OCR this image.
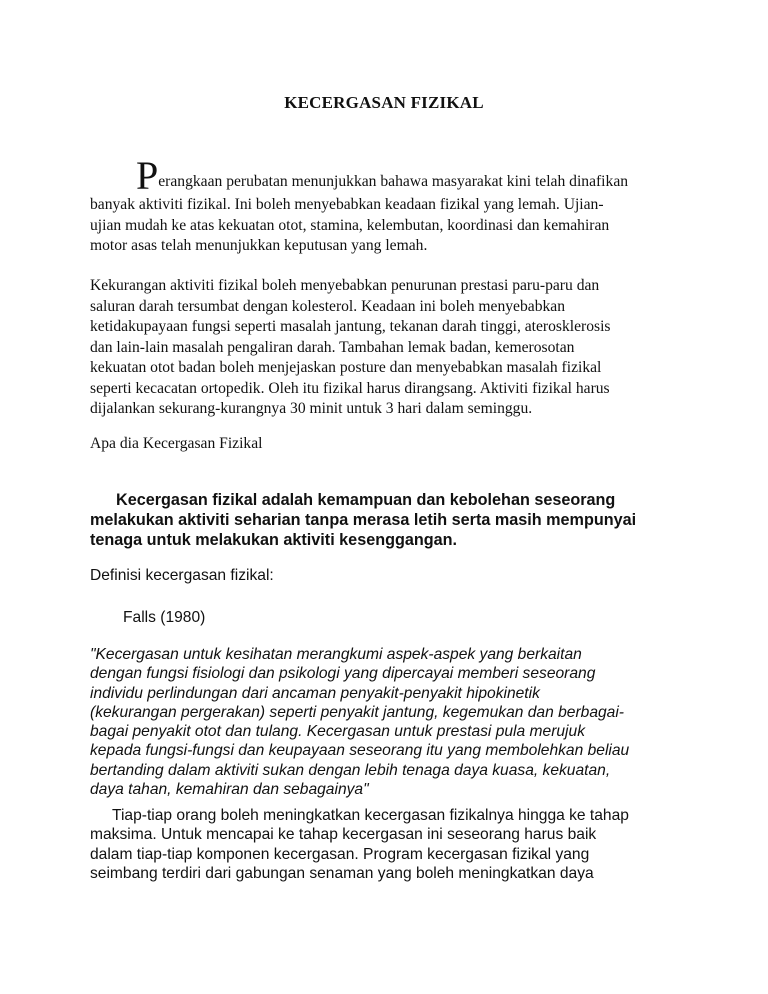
KECERGASAN FIZIKAL
Perangkaan perubatan menunjukkan bahawa masyarakat kini telah dinafikan
banyak aktiviti fizikal. Ini boleh menyebabkan keadaan fizikal yang lemah. Ujian-
ujian mudah ke atas kekuatan otot, stamina, kelembutan, koordinasi dan kemahiran
motor asas telah menunjukkan keputusan yang lemah.
Kekurangan aktiviti fizikal boleh menyebabkan penurunan prestasi paru-paru dan
saluran darah tersumbat dengan kolesterol. Keadaan ini boleh menyebabkan
ketidakupayaan fungsi seperti masalah jantung, tekanan darah tinggi, aterosklerosis
dan lain-lain masalah pengaliran darah. Tambahan lemak badan, kemerosotan
kekuatan otot badan boleh menjejaskan posture dan menyebabkan masalah fizikal
seperti kecacatan ortopedik. Oleh itu fizikal harus dirangsang. Aktiviti fizikal harus
dijalankan sekurang-kurangnya 30 minit untuk 3 hari dalam seminggu.
Apa dia Kecergasan Fizikal
Kecergasan fizikal adalah kemampuan dan kebolehan seseorang
melakukan aktiviti seharian tanpa merasa letih serta masih mempunyai
tenaga untuk melakukan aktiviti kesenggangan.
Definisi kecergasan fizikal:
Falls (1980)
"Kecergasan untuk kesihatan merangkumi aspek-aspek yang berkaitan
dengan fungsi fisiologi dan psikologi yang dipercayai memberi seseorang
individu perlindungan dari ancaman penyakit-penyakit hipokinetik
(kekurangan pergerakan) seperti penyakit jantung, kegemukan dan berbagai-
bagai penyakit otot dan tulang. Kecergasan untuk prestasi pula merujuk
kepada fungsi-fungsi dan keupayaan seseorang itu yang membolehkan beliau
bertanding dalam aktiviti sukan dengan lebih tenaga daya kuasa, kekuatan,
daya tahan, kemahiran dan sebagainya"
Tiap-tiap orang boleh meningkatkan kecergasan fizikalnya hingga ke tahap
maksima. Untuk mencapai ke tahap kecergasan ini seseorang harus baik
dalam tiap-tiap komponen kecergasan. Program kecergasan fizikal yang
seimbang terdiri dari gabungan senaman yang boleh meningkatkan daya
